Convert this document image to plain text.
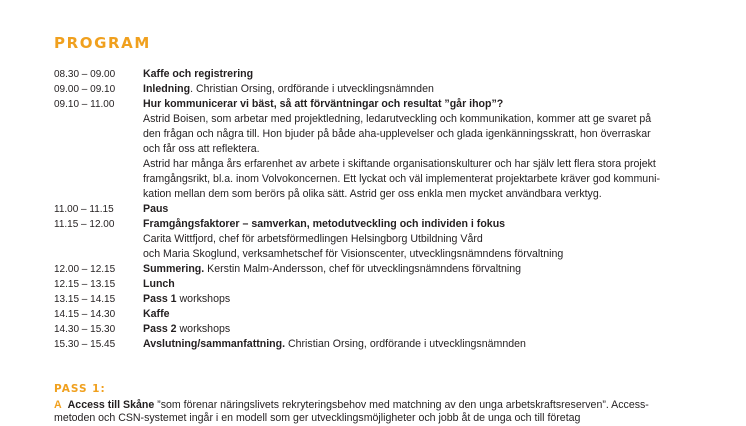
PROGRAM
08.30 – 09.00	Kaffe och registrering
09.00 – 09.10	Inledning. Christian Orsing, ordförande i utvecklingsnämnden
09.10 – 11.00	Hur kommunicerar vi bäst, så att förväntningar och resultat ”går ihop”?
Astrid Boisen, som arbetar med projektledning, ledarutveckling och kommunikation, kommer att ge svaret på
den frågan och några till. Hon bjuder på både aha-upplevelser och glada igenkänningsskratt, hon överraskar
och får oss att reflektera.
Astrid har många års erfarenhet av arbete i skiftande organisationskulturer och har själv lett flera stora projekt
framgångsrikt, bl.a. inom Volvokoncernen. Ett lyckat och väl implementerat projektarbete kräver god kommuni-
kation mellan dem som berörs på olika sätt. Astrid ger oss enkla men mycket användbara verktyg.
11.00 – 11.15	Paus
11.15 – 12.00	Framgångsfaktorer – samverkan, metodutveckling och individen i fokus
Carita Wittfjord, chef för arbetsförmedlingen Helsingborg Utbildning Vård
och Maria Skoglund, verksamhetschef för Visionscenter, utvecklingsnämndens förvaltning
12.00 – 12.15	Summering. Kerstin Malm-Andersson, chef för utvecklingsnämndens förvaltning
12.15 – 13.15	Lunch
13.15 – 14.15	Pass 1 workshops
14.15 – 14.30	Kaffe
14.30 – 15.30	Pass 2 workshops
15.30 – 15.45	Avslutning/sammanfattning. Christian Orsing, ordförande i utvecklingsnämnden
PASS 1:
A Access till Skåne ”som förenar näringslivets rekryteringsbehov med matchning av den unga arbetskraftsreserven”. Access-
metoden och CSN-systemet ingår i en modell som ger utvecklingsmöjligheter och jobb åt de unga och till företag
